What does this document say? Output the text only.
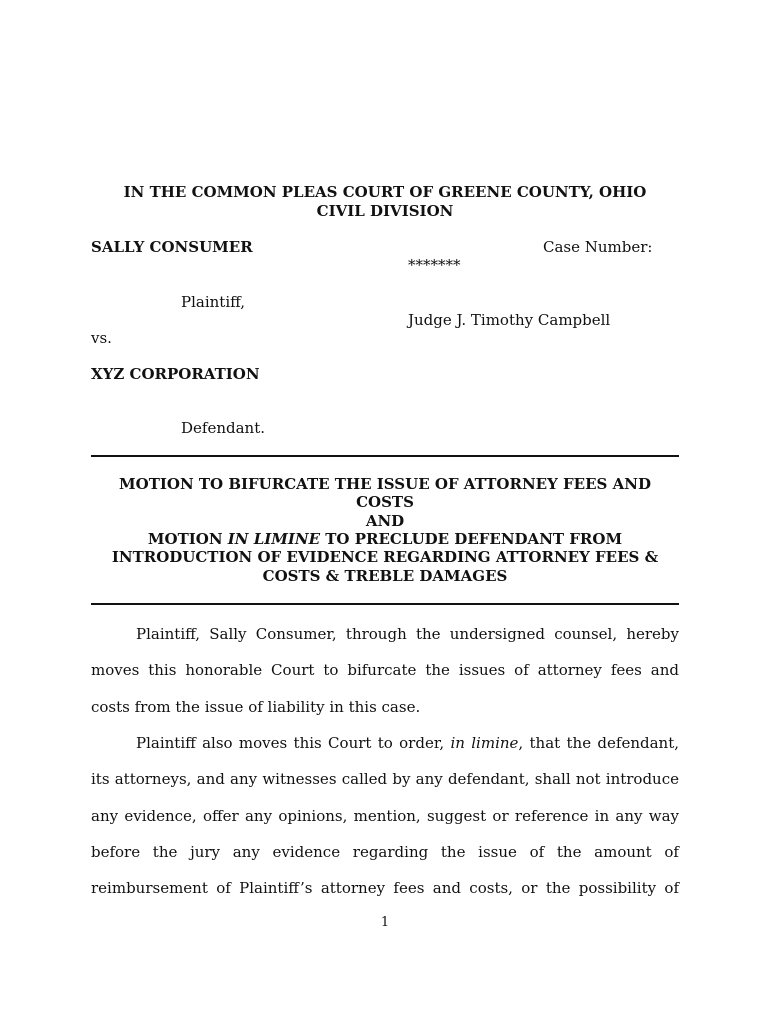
IN THE COMMON PLEAS COURT OF GREENE COUNTY, OHIO
CIVIL DIVISION
SALLY CONSUMER
Plaintiff,
vs.
XYZ CORPORATION
Defendant.
Case Number:
*******
Judge J. Timothy Campbell
MOTION TO BIFURCATE THE ISSUE OF ATTORNEY FEES AND
COSTS
AND
MOTION IN LIMINE TO PRECLUDE DEFENDANT FROM
INTRODUCTION OF EVIDENCE REGARDING ATTORNEY FEES &
COSTS & TREBLE DAMAGES
Plaintiff, Sally Consumer, through the undersigned counsel, hereby
moves this honorable Court to bifurcate the issues of attorney fees and
costs from the issue of liability in this case.
Plaintiff also moves this Court to order, in limine, that the defendant,
its attorneys, and any witnesses called by any defendant, shall not introduce
any evidence, offer any opinions, mention, suggest or reference in any way
before the jury any evidence regarding the issue of the amount of
reimbursement of Plaintiff’s attorney fees and costs, or the possibility of
1
